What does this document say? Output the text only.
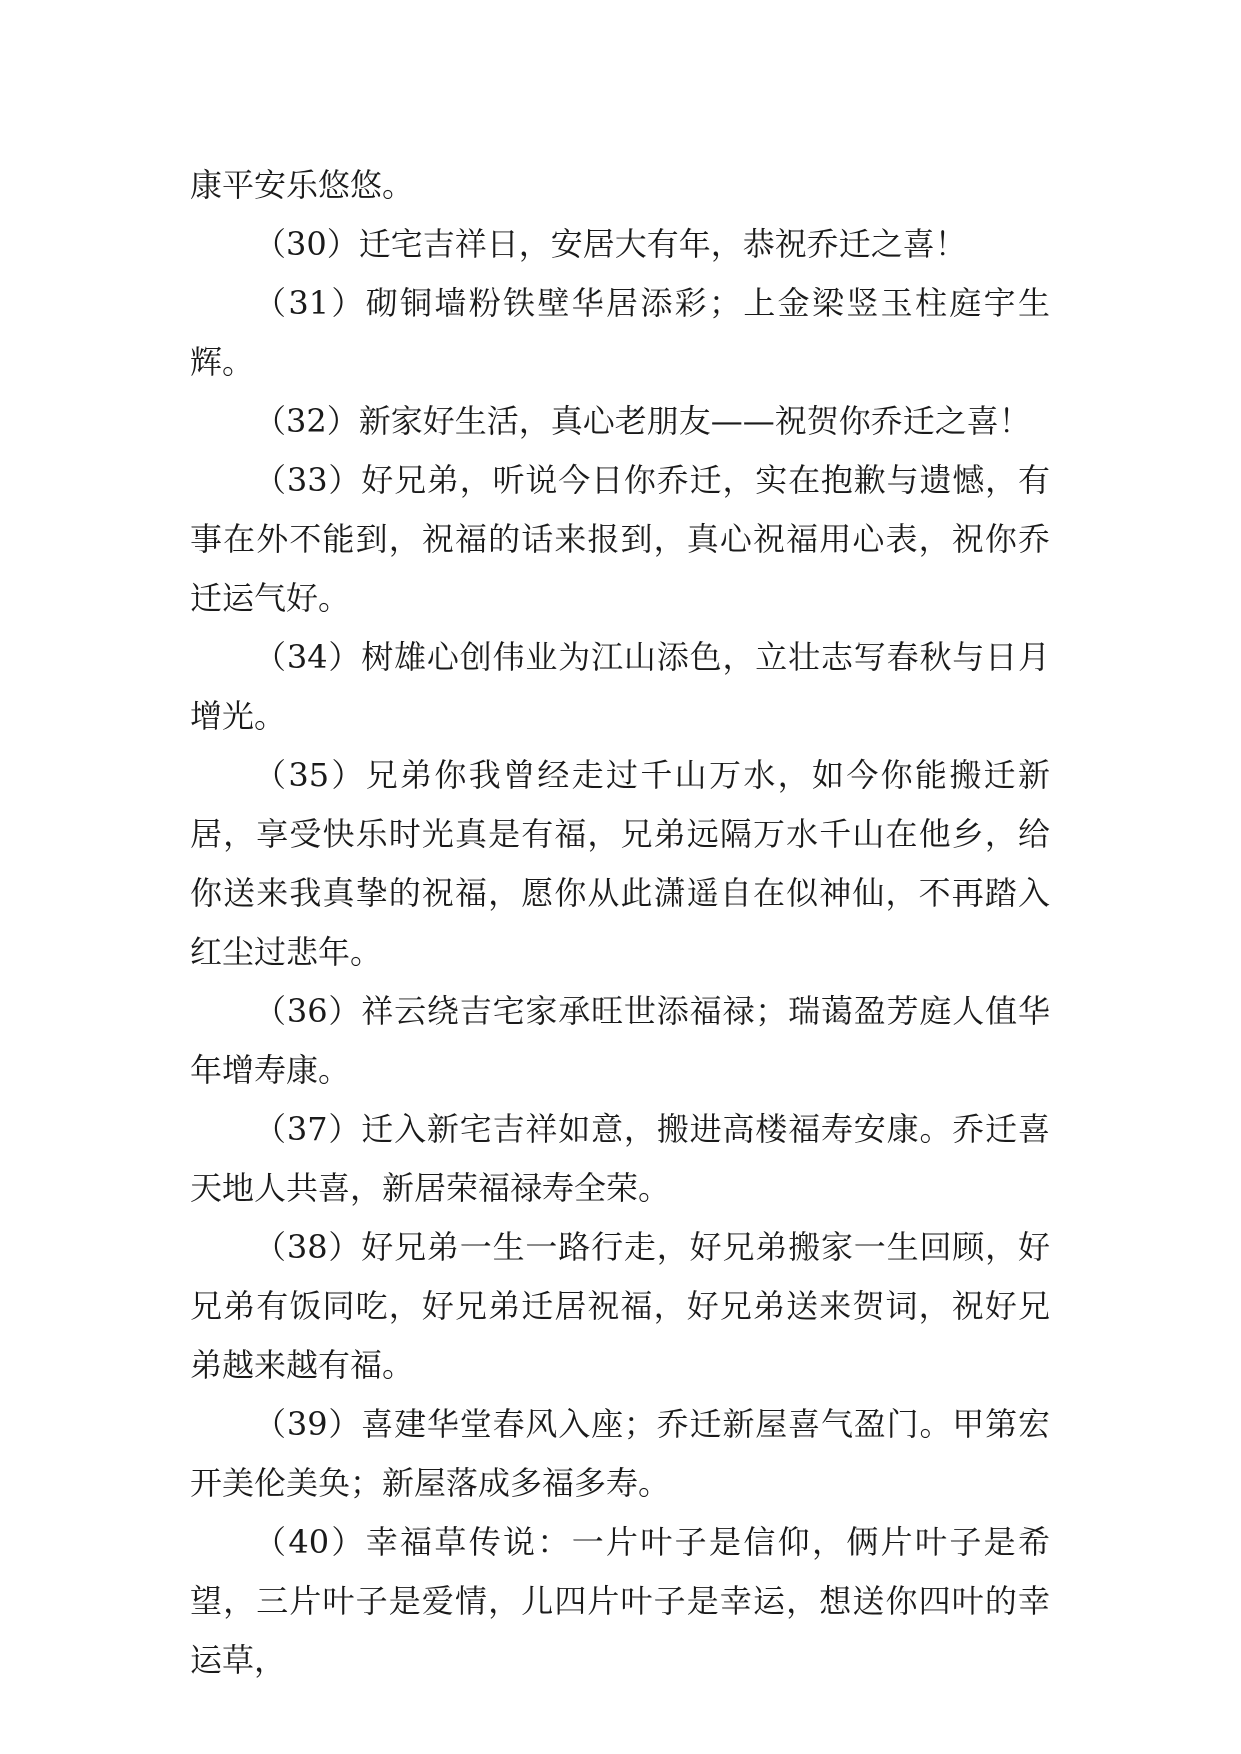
康平安乐悠悠。

（30）迁宅吉祥日，安居大有年，恭祝乔迁之喜！

（31）砌铜墙粉铁壁华居添彩；上金梁竖玉柱庭宇生辉。

（32）新家好生活，真心老朋友——祝贺你乔迁之喜！

（33）好兄弟，听说今日你乔迁，实在抱歉与遗憾，有事在外不能到，祝福的话来报到，真心祝福用心表，祝你乔迁运气好。

（34）树雄心创伟业为江山添色，立壮志写春秋与日月增光。

（35）兄弟你我曾经走过千山万水，如今你能搬迁新居，享受快乐时光真是有福，兄弟远隔万水千山在他乡，给你送来我真挚的祝福，愿你从此潇遥自在似神仙，不再踏入红尘过悲年。

（36）祥云绕吉宅家承旺世添福禄；瑞蔼盈芳庭人值华年增寿康。

（37）迁入新宅吉祥如意，搬进高楼福寿安康。乔迁喜天地人共喜，新居荣福禄寿全荣。

（38）好兄弟一生一路行走，好兄弟搬家一生回顾，好兄弟有饭同吃，好兄弟迁居祝福，好兄弟送来贺词，祝好兄弟越来越有福。

（39）喜建华堂春风入座；乔迁新屋喜气盈门。甲第宏开美伦美奂；新屋落成多福多寿。

（40）幸福草传说：一片叶子是信仰，俩片叶子是希望，三片叶子是爱情，儿四片叶子是幸运，想送你四叶的幸运草，
